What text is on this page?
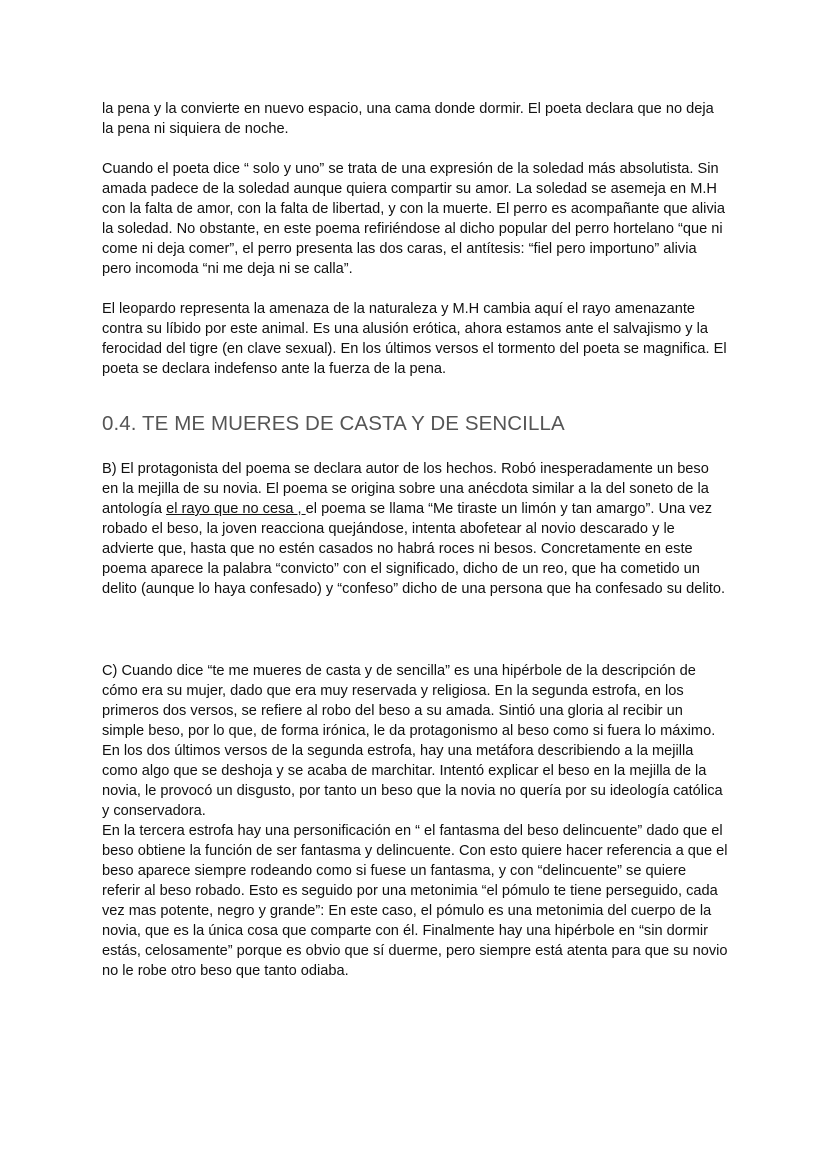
la pena y la convierte en nuevo espacio, una cama donde dormir. El poeta declara que no deja la pena ni siquiera de noche.

Cuando el poeta dice “ solo y uno” se trata de una expresión de la soledad más absolutista. Sin amada padece de la soledad aunque quiera compartir su amor. La soledad se asemeja en M.H con la falta de amor, con la falta de libertad, y con la muerte. El perro es acompañante que alivia la soledad. No obstante, en este poema refiriéndose al dicho popular del perro hortelano “que ni come ni deja comer”, el perro presenta las dos caras, el antítesis: “fiel pero importuno” alivia pero incomoda “ni me deja ni se calla”.

El leopardo representa la amenaza de la naturaleza y M.H cambia aquí el rayo amenazante contra su líbido por este animal. Es una alusión erótica, ahora estamos ante el salvajismo y la ferocidad del tigre (en clave sexual). En los últimos versos el tormento del poeta se magnifica. El poeta se declara indefenso ante la fuerza de la pena.

0.4. TE ME MUERES DE CASTA Y DE SENCILLA

B) El protagonista del poema se declara autor de los hechos. Robó inesperadamente un beso en la mejilla de su novia. El poema se origina sobre una anécdota similar a la del soneto de la antología el rayo que no cesa , el poema se llama “Me tiraste un limón y tan amargo”. Una vez robado el beso, la joven reacciona quejándose, intenta abofetear al novio descarado y le advierte que, hasta que no estén casados no habrá roces ni besos. Concretamente en este poema aparece la palabra “convicto” con el significado, dicho de un reo, que ha cometido un delito (aunque lo haya confesado) y “confeso” dicho de una persona que ha confesado su delito.

C) Cuando dice “te me mueres de casta y de sencilla” es una hipérbole de la descripción de cómo era su mujer, dado que era muy reservada y religiosa. En la segunda estrofa, en los primeros dos versos, se refiere al robo del beso a su amada. Sintió una gloria al recibir un simple beso, por lo que, de forma irónica, le da protagonismo al beso como si fuera lo máximo.

En los dos últimos versos de la segunda estrofa, hay una metáfora describiendo a la mejilla como algo que se deshoja y se acaba de marchitar. Intentó explicar el beso en la mejilla de la novia, le provocó un disgusto, por tanto un beso que la novia no quería por su ideología católica y conservadora.

En la tercera estrofa hay una personificación en “ el fantasma del beso delincuente” dado que el beso obtiene la función de ser fantasma y delincuente. Con esto quiere hacer referencia a que el beso aparece siempre rodeando como si fuese un fantasma, y con “delincuente” se quiere referir al beso robado. Esto es seguido por una metonimia “el pómulo te tiene perseguido, cada vez mas potente, negro y grande”: En este caso, el pómulo es una metonimia del cuerpo de la novia, que es la única cosa que comparte con él. Finalmente hay una hipérbole en “sin dormir estás, celosamente” porque es obvio que sí duerme, pero siempre está atenta para que su novio no le robe otro beso que tanto odiaba.
